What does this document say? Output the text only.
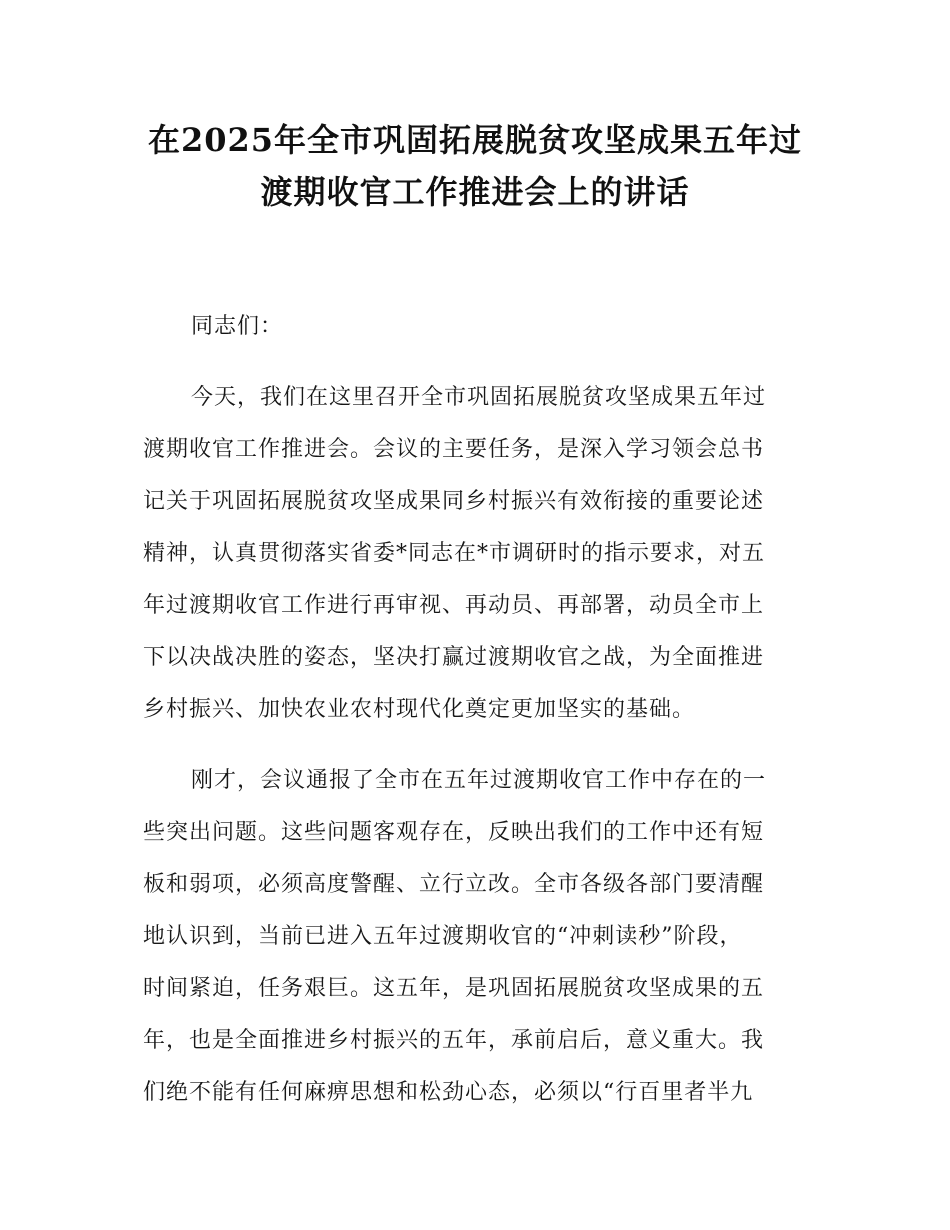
在2025年全市巩固拓展脱贫攻坚成果五年过
渡期收官工作推进会上的讲话

同志们：

今天，我们在这里召开全市巩固拓展脱贫攻坚成果五年过
渡期收官工作推进会。会议的主要任务，是深入学习领会总书
记关于巩固拓展脱贫攻坚成果同乡村振兴有效衔接的重要论述
精神，认真贯彻落实省委*同志在*市调研时的指示要求，对五
年过渡期收官工作进行再审视、再动员、再部署，动员全市上
下以决战决胜的姿态，坚决打赢过渡期收官之战，为全面推进
乡村振兴、加快农业农村现代化奠定更加坚实的基础。

刚才，会议通报了全市在五年过渡期收官工作中存在的一
些突出问题。这些问题客观存在，反映出我们的工作中还有短
板和弱项，必须高度警醒、立行立改。全市各级各部门要清醒
地认识到，当前已进入五年过渡期收官的“冲刺读秒”阶段，
时间紧迫，任务艰巨。这五年，是巩固拓展脱贫攻坚成果的五
年，也是全面推进乡村振兴的五年，承前启后，意义重大。我
们绝不能有任何麻痹思想和松劲心态，必须以“行百里者半九
